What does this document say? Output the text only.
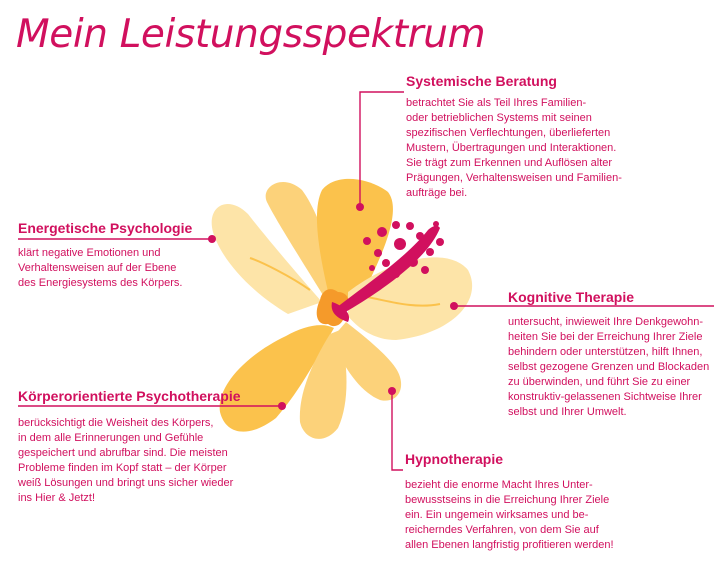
Mein Leistungsspektrum
Systemische Beratung
betrachtet Sie als Teil Ihres Familien-
oder betrieblichen Systems mit seinen
spezifischen Verflechtungen, überlieferten
Mustern, Übertragungen und Interaktionen.
Sie trägt zum Erkennen und Auflösen alter
Prägungen, Verhaltensweisen und Familien-
aufträge bei.
Energetische Psychologie
klärt negative Emotionen und
Verhaltensweisen auf der Ebene
des Energiesystems des Körpers.
Kognitive Therapie
untersucht, inwieweit Ihre Denkgewohn-
heiten Sie bei der Erreichung Ihrer Ziele
behindern oder unterstützen, hilft Ihnen,
selbst gezogene Grenzen und Blockaden
zu überwinden, und führt Sie zu einer
konstruktiv-gelassenen Sichtweise Ihrer
selbst und Ihrer Umwelt.
Körperorientierte Psychotherapie
berücksichtigt die Weisheit des Körpers,
in dem alle Erinnerungen und Gefühle
gespeichert und abrufbar sind. Die meisten
Probleme finden im Kopf statt – der Körper
weiß Lösungen und bringt uns sicher wieder
ins Hier & Jetzt!
Hypnotherapie
bezieht die enorme Macht Ihres Unter-
bewusstseins in die Erreichung Ihrer Ziele
ein. Ein ungemein wirksames und be-
reicherndes Verfahren, von dem Sie auf
allen Ebenen langfristig profitieren werden!
